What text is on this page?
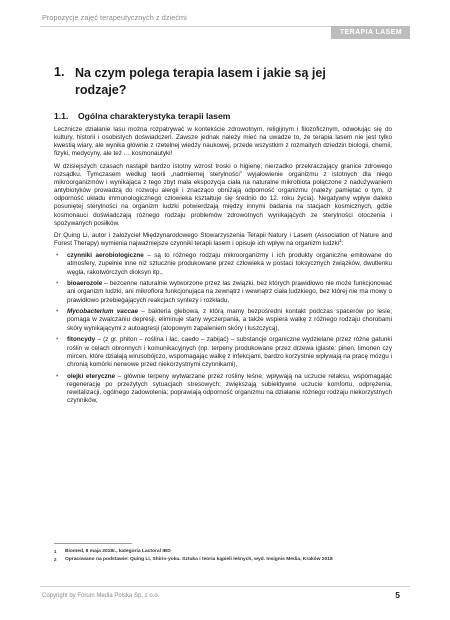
Propozycje zajęć terapeutycznych z dziećmi
TERAPIA LASEM
1. Na czym polega terapia lasem i jakie są jej rodzaje?
1.1. Ogólna charakterystyka terapii lasem

Lecznicze działanie lasu można rozpatrywać w kontekście zdrowotnym, religijnym i filozoficznym, odwołując się do kultury, historii i osobistych doświadczeń. Zawsze jednak należy mieć na uwadze to, że terapia lasem nie jest tylko kwestią wiary, ale wynika głównie z rzetelnej wiedzy naukowej, przede wszystkim z rozmaitych dziedzin biologii, chemii, fizyki, medycyny, ale też … kosmonautyki!

W dzisiejszych czasach nastąpił bardzo istotny wzrost troski o higienę, nierzadko przekraczający granice zdrowego rozsądku. Tymczasem według teorii „nadmiernej sterylności” wyjałowienie organizmu z istotnych dla niego mikroorganizmów i wynikająca z tego zbyt mała ekspozycja ciała na naturalne mikrobiota połączone z nadużywaniem antybiotyków prowadzą do rozwoju alergii i znacząco obniżają odporność organizmu (należy pamiętać o tym, iż odporność układu immunologicznego człowieka kształtuje się średnio do 12. roku życia). Negatywny wpływ daleko posuniętej sterylności na organizm ludzki potwierdzają między innymi badania na stacjach kosmicznych, gdzie kosmonauci doświadczają różnego rodzaju problemów zdrowotnych wynikających ze sterylności otoczenia i spożywanych posiłków.

Dr Quing Li, autor i założyciel Międzynarodowego Stowarzyszenia Terapii Natury i Lasem (Association of Nature and Forest Therapy) wymienia najważniejsze czynniki terapii lasem i opisuje ich wpływ na organizm ludzki$^1$:

• czynniki aerobiologiczne – są to różnego rodzaju mikroorganizmy i ich produkty organiczne emitowane do atmosfery, zupełnie inne niż sztucznie produkowane przez człowieka w postaci toksycznych związków, dwutlenku węgla, rakotwórczych dioksyn itp.,
• bioaerozole – bezcenne naturalnie wytworzone przez las związki, bez których prawidłowo nie może funkcjonować ani organizm ludzki, ani mikroflora funkcjonująca na zewnątrz i wewnątrz ciała ludzkiego, bez której nie ma mowy o prawidłowo przebiegających reakcjach syntezy i rozkładu,
• Mycobacterium vaccae – bakteria glebowa, z którą mamy bezpośredni kontakt podczas spacerów po lesie; pomaga w zwalczaniu depresji, eliminuje stany wyczerpania, a także wspiera walkę z różnego rodzaju chorobami skóry wynikającymi z autoagresji (atopowym zapaleniem skóry i łuszczycą),
• fitoncydy – (z gr. phiton – roślina i łac. caedo – zabijać) – substancje organiczne wydzielane przez różne gatunki roślin w celach obronnych i komunikacyjnych (np. terpeny produkowane przez drzewa iglaste: pinen, limonen czy mircen, które działają wirusobójczo, wspomagając walkę z infekcjami, bardzo korzystnie wpływają na pracę mózgu i chronią komórki nerwowe przed niekorzystnymi czynnikami),
• olejki eteryczne – głównie terpeny wytwarzane przez rośliny leśne; wpływają na uczucie relaksu, wspomagając regenerację po przeżytych sytuacjach stresowych; zwiększają subiektywne uczucie komfortu, odprężenia, rewitalizacji, ogólnego zadowolenia; poprawiają odporność organizmu na działanie różnego rodzaju niekorzystnych czynników,
1 Biomed, 8 maja 2018r., kategoria Lactoral IBD
2 Opracowano na podstawie: Quing Li, Shirin-yoku. Sztuka i teoria kąpieli leśnych, wyd. Insignis Media, Kraków 2018
Copyright by Forum Media Polska Sp. z o.o.	5
